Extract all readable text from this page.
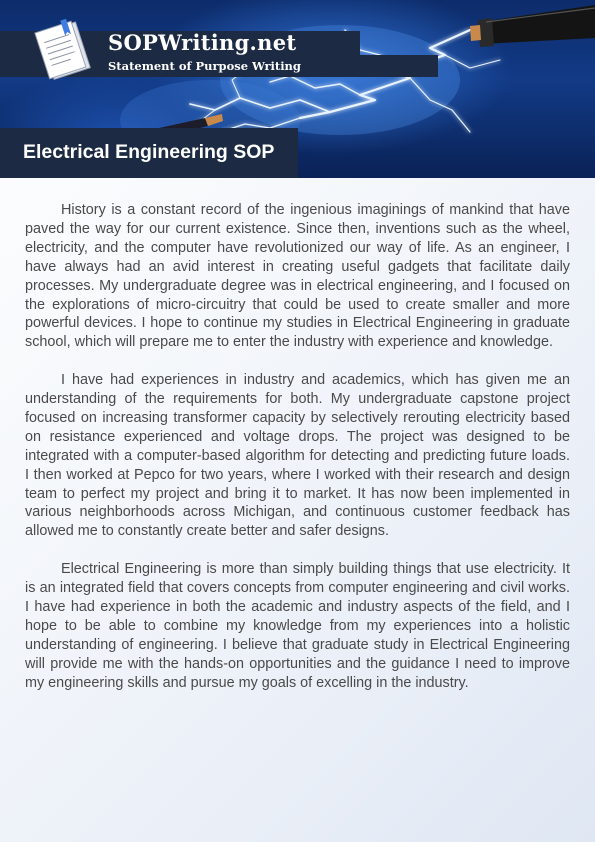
SOPWriting.net
Statement of Purpose Writing
Electrical Engineering SOP

History is a constant record of the ingenious imaginings of mankind that have paved the way for our current existence. Since then, inventions such as the wheel, electricity, and the computer have revolutionized our way of life. As an engineer, I have always had an avid interest in creating useful gadgets that facilitate daily processes. My undergraduate degree was in electrical engineering, and I focused on the explorations of micro-circuitry that could be used to create smaller and more powerful devices. I hope to continue my studies in Electrical Engineering in graduate school, which will prepare me to enter the industry with experience and knowledge.

I have had experiences in industry and academics, which has given me an understanding of the requirements for both. My undergraduate capstone project focused on increasing transformer capacity by selectively rerouting electricity based on resistance experienced and voltage drops. The project was designed to be integrated with a computer-based algorithm for detecting and predicting future loads. I then worked at Pepco for two years, where I worked with their research and design team to perfect my project and bring it to market. It has now been implemented in various neighborhoods across Michigan, and continuous customer feedback has allowed me to constantly create better and safer designs.

Electrical Engineering is more than simply building things that use electricity. It is an integrated field that covers concepts from computer engineering and civil works. I have had experience in both the academic and industry aspects of the field, and I hope to be able to combine my knowledge from my experiences into a holistic understanding of engineering. I believe that graduate study in Electrical Engineering will provide me with the hands-on opportunities and the guidance I need to improve my engineering skills and pursue my goals of excelling in the industry.
